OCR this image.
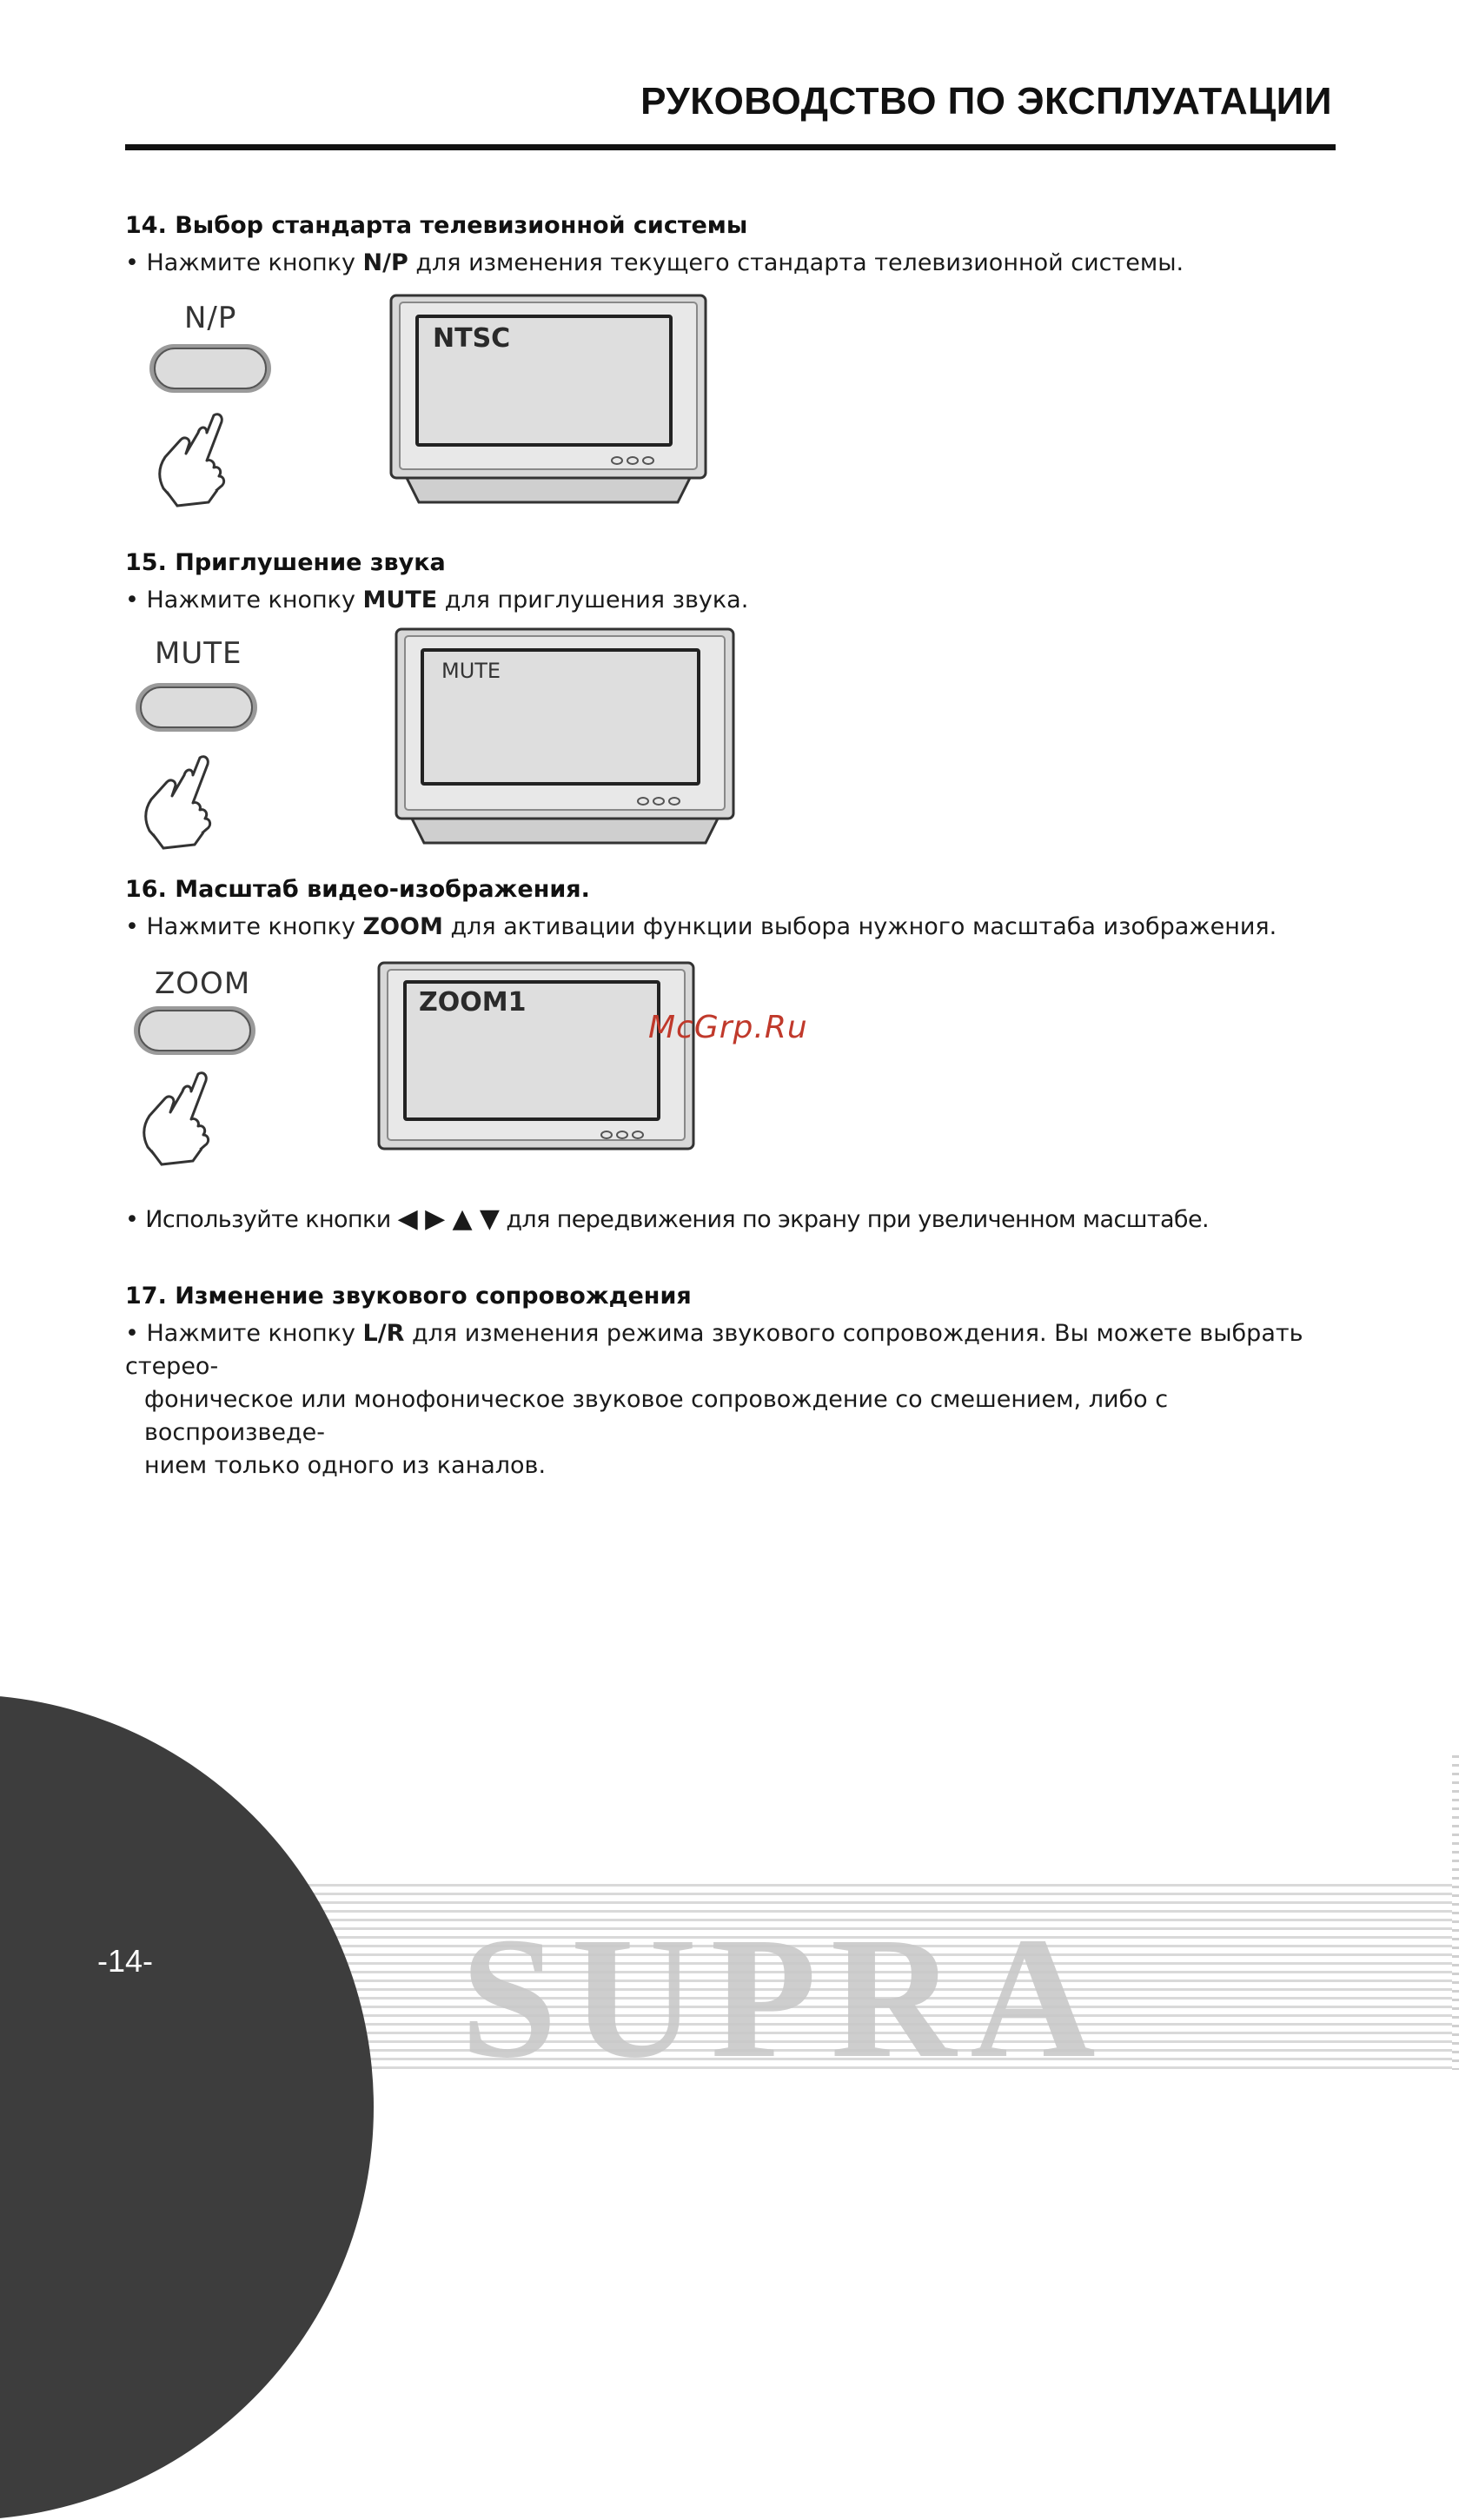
РУКОВОДСТВО ПО ЭКСПЛУАТАЦИИ
14. Выбор стандарта телевизионной системы
• Нажмите кнопку N/P для изменения текущего стандарта телевизионной системы.
N/P
NTSC
15. Приглушение звука
• Нажмите кнопку MUTE для приглушения звука.
MUTE	MUTE
16. Масштаб видео-изображения.
• Нажмите кнопку ZOOM для активации функции выбора нужного масштаба изображения.
ZOOM
ZOOM1
McGrp.Ru
• Используйте кнопки ◀ ▶ ▲ ▼ для передвижения по экрану при увеличенном масштабе.
17. Изменение звукового сопровождения
• Нажмите кнопку L/R для изменения режима звукового сопровождения. Вы можете выбрать стерео-
фоническое или монофоническое звуковое сопровождение со смешением, либо с воспроизведе-
нием только одного из каналов.
SUPRA
-14-
